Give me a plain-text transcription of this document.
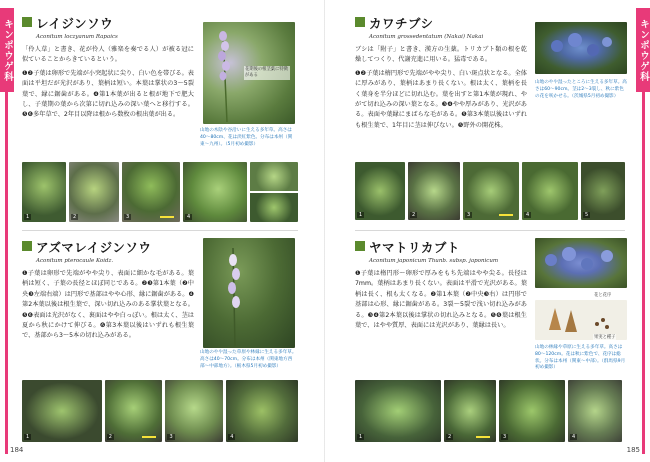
キンポウゲ科 レイジンソウ
Aconitum loczyanum Rapaics
「伶人草」と書き、花が伶人（雅楽を奏でる人）が被る冠に似ていることからきているという。
❶❷子葉は卵形で先端が小突起状に尖り、白い色を帯びる。表面は平坦だが光沢があり、葉柄は短い。本葉は掌状の3〜5裂葉で、縁に鋸歯がある。❹第1本葉が出ると根が地下で肥大し、子葉期の葉から次第に切れ込みの深い葉へと移行する。❺❻多年草で、2年目以降は根から数枚の根出葉が出る。
花期後の根茎葉に特徴がある
山地の木陰や谷沿いに生える多年草。高さは40〜80cm、花は淡紅紫色。分布は本州（関東〜九州）。（5月初め撮影）
1	2	3	4
アズマレイジンソウ
Aconitum pterocaule Koidz.
❶子葉は卵形で先端がやや尖り、表面に細かな毛がある。葉柄は短く、子葉の長径とほぼ同じである。❷❸第1本葉（❷中央❸左端右端）は円形で基部はやや心形、縁に鋸歯がある。❹第2本葉以後は根生葉で、深い切れ込みのある掌状葉となる。❺❻表面は光沢がなく、裏面はやや白っぽい。根は太く、茎は夏から秋にかけて伸びる。❻第3本葉以後はいずれも根生葉で、基部から3〜5本の切れ込みがある。
山地のやや湿った草原や林縁に生える多年草。高さは40〜70cm。分布は本州（関東地方西部〜中部地方）。（栃木県5月初め撮影）
1	2	3	4
184
キンポウゲ科
カワチブシ
Aconitum grossedentatum (Nakai) Nakai
ブシは「附子」と書き、漢方の生薬。トリカブト類の根を乾燥してつくり、代謝充進に用いる。猛毒である。
❶❷子葉は楕円形で先端がやや尖り、白い斑点状となる。全体に厚みがあり、葉柄はあまり長くない。根は太く、葉柄を長く葉身を半分ほどに切れ込む。葉を出すと第1本葉が現れ、やがて切れ込みの深い葉となる。❸❹やや厚みがあり、光沢がある。表面や葉縁にまばらな毛がある。❺第3本葉以後はいずれも根生葉で、1年目に茎は伸びない。❺野外の開花株。
山地のやや湿ったところに生える多年草。高さは60〜90cm。茎は2〜3裂し、秋に紫色の花を咲かせる。（茨城県5月初め撮影）
1	2	3	4	5
ヤマトリカブト
Aconitum japonicum Thunb. subsp. japonicum
❶子葉は楕円形〜卵形で厚みをもち先端はやや尖る。長径は7mm。葉柄はあまり長くない。表面は平滑で光沢がある。葉柄は長く、根も太くなる。❷第1本葉（❷中央❸右）は円形で基部は心形、縁に鋸歯がある。3裂〜5裂で浅い切れ込みがある。❸❹第2本葉以後は掌状の切れ込みとなる。❺❻葉は根生葉で、はやや質厚、表面には光沢があり、葉縁は長い。
花と花序
果実と種子
山地の林縁や草原に生える多年草。高さは80〜120cm。花は秋に紫色で、花序は総状。分布は本州（関東〜中部）。（群馬県9月初め撮影）
1	2	3	4
185
